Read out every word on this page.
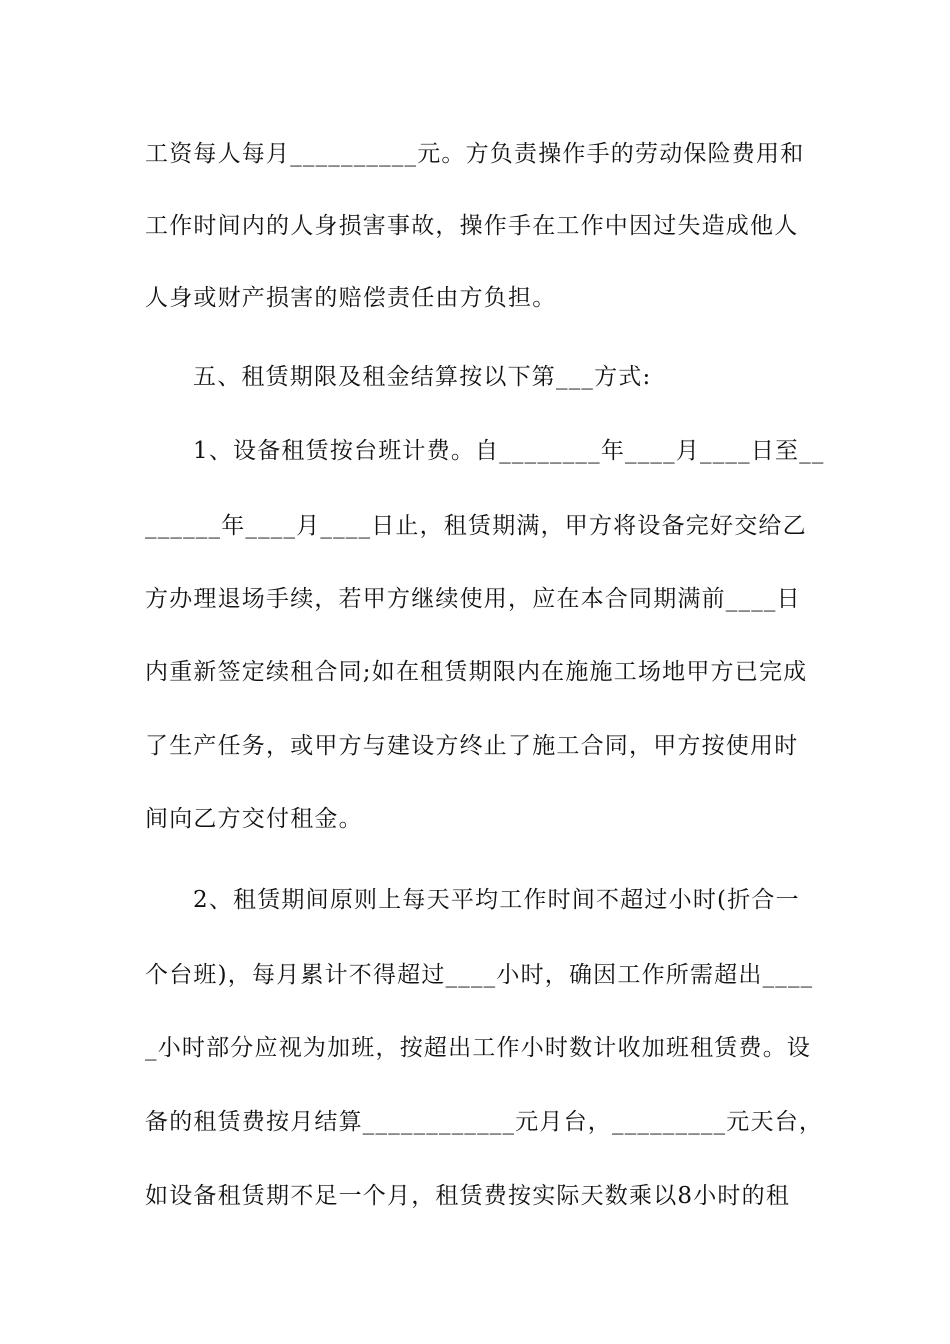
工资每人每月__________元。方负责操作手的劳动保险费用和
工作时间内的人身损害事故，操作手在工作中因过失造成他人
人身或财产损害的赔偿责任由方负担。
五、租赁期限及租金结算按以下第___方式:
1、设备租赁按台班计费。自________年____月____日至__
______年____月____日止，租赁期满，甲方将设备完好交给乙
方办理退场手续，若甲方继续使用，应在本合同期满前____日
内重新签定续租合同;如在租赁期限内在施施工场地甲方已完成
了生产任务，或甲方与建设方终止了施工合同，甲方按使用时
间向乙方交付租金。
2、租赁期间原则上每天平均工作时间不超过小时(折合一
个台班)，每月累计不得超过____小时，确因工作所需超出____
_小时部分应视为加班，按超出工作小时数计收加班租赁费。设
备的租赁费按月结算____________元月台，_________元天台，
如设备租赁期不足一个月，租赁费按实际天数乘以8小时的租
